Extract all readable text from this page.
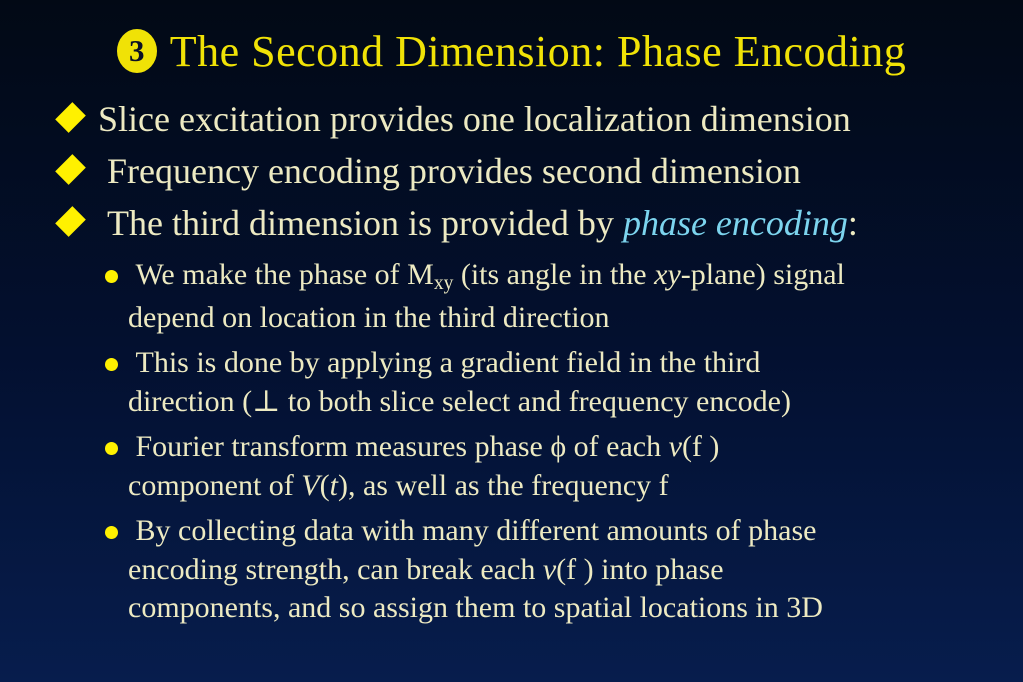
3 The Second Dimension: Phase Encoding
Slice excitation provides one localization dimension
Frequency encoding provides second dimension
The third dimension is provided by phase encoding:
We make the phase of Mxy (its angle in the xy-plane) signal
depend on location in the third direction
This is done by applying a gradient field in the third
direction (⊥ to both slice select and frequency encode)
Fourier transform measures phase ϕ of each v(f )
component of V(t), as well as the frequency f
By collecting data with many different amounts of phase
encoding strength, can break each v(f ) into phase
components, and so assign them to spatial locations in 3D
